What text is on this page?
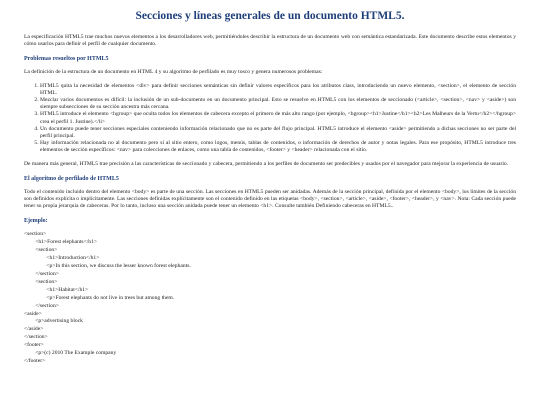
Secciones y líneas generales de un documento HTML5.

La especificación HTML5 trae muchos nuevos elementos a los desarrolladores web, permitiéndoles describir la estructura de un documento web con semántica estandarizada. Este documento describe estos elementos y cómo usarlos para definir el perfil de cualquier documento.

Problemas resueltos por HTML5

La definición de la estructura de un documento en HTML 4 y su algoritmo de perfilado es muy tosco y genera numerosos problemas:

1. HTML5 quita la necesidad de elementos <div> para definir secciones semánticas sin definir valores específicos para los atributos class, introduciendo un nuevo elemento, <section>, el elemento de sección HTML.
2. Mezclar varios documentos es difícil: la inclusión de un sub-documento en un documento principal. Esto se resuelve en HTML5 con los elementos de seccionado (<article>, <section>, <nav> y <aside>) son siempre subsecciones de su sección ancestra más cercana.
3. HTML5 introduce el elemento <hgroup> que oculta todos los elementos de cabecera excepto el primero de más alto rango (por ejemplo, <hgroup><h1>Justine</h1><h2>Les Malheurs de la Vertu</h2></hgroup> crea el perfil 1. Justine).</li>
4. Un documento puede tener secciones especiales conteniendo información relacionado que no es parte del flujo principal. HTML5 introduce el elemento <aside> permitiendo a dichas secciones no ser parte del perfil principal.
5. Hay información relacionada no al documento pero sí al sitio entero, como logos, menús, tablas de contenidos, o información de derechos de autor y notas legales. Para ese propósito, HTML5 introduce tres elementos de sección específicos: <nav> para colecciones de enlaces, como una tabla de contenidos, <footer> y <header> relacionada con el sitio.

De manera más general, HTML5 trae precisión a las características de seccionado y cabecera, permitiendo a los perfiles de documento ser predecibles y usados por el navegador para mejorar la experiencia de usuario.

El algoritmo de perfilado de HTML5

Todo el contenido incluido dentro del elemento <body> es parte de una sección. Las secciones en HTML5 pueden ser anidadas. Además de la sección principal, definida por el elemento <body>, los límites de la sección son definidos explícita o implícitamente. Las secciones definidas explícitamente son el contenido definido en las etiquetas <body>, <section>, <article>, <aside>, <footer>, <header>, y <nav>. Nota: Cada sección puede tener su propia jerarquía de cabeceras. Por lo tanto, incluso una sección anidada puede tener un elemento <h1>. Consulte también Definiendo cabeceras en HTML5..

Ejemplo:
<section>
<h1>Forest elephants</h1>
<section>
<h1>Introduction</h1>
<p>In this section, we discuss the lesser known forest elephants.
</section>
<section>
<h1>Habitat</h1>
<p>Forest elephants do not live in trees but among them.
</section>
<aside>
<p>advertising block
</aside>
</section>
<footer>
<p>(c) 2010 The Example company
</footer>
